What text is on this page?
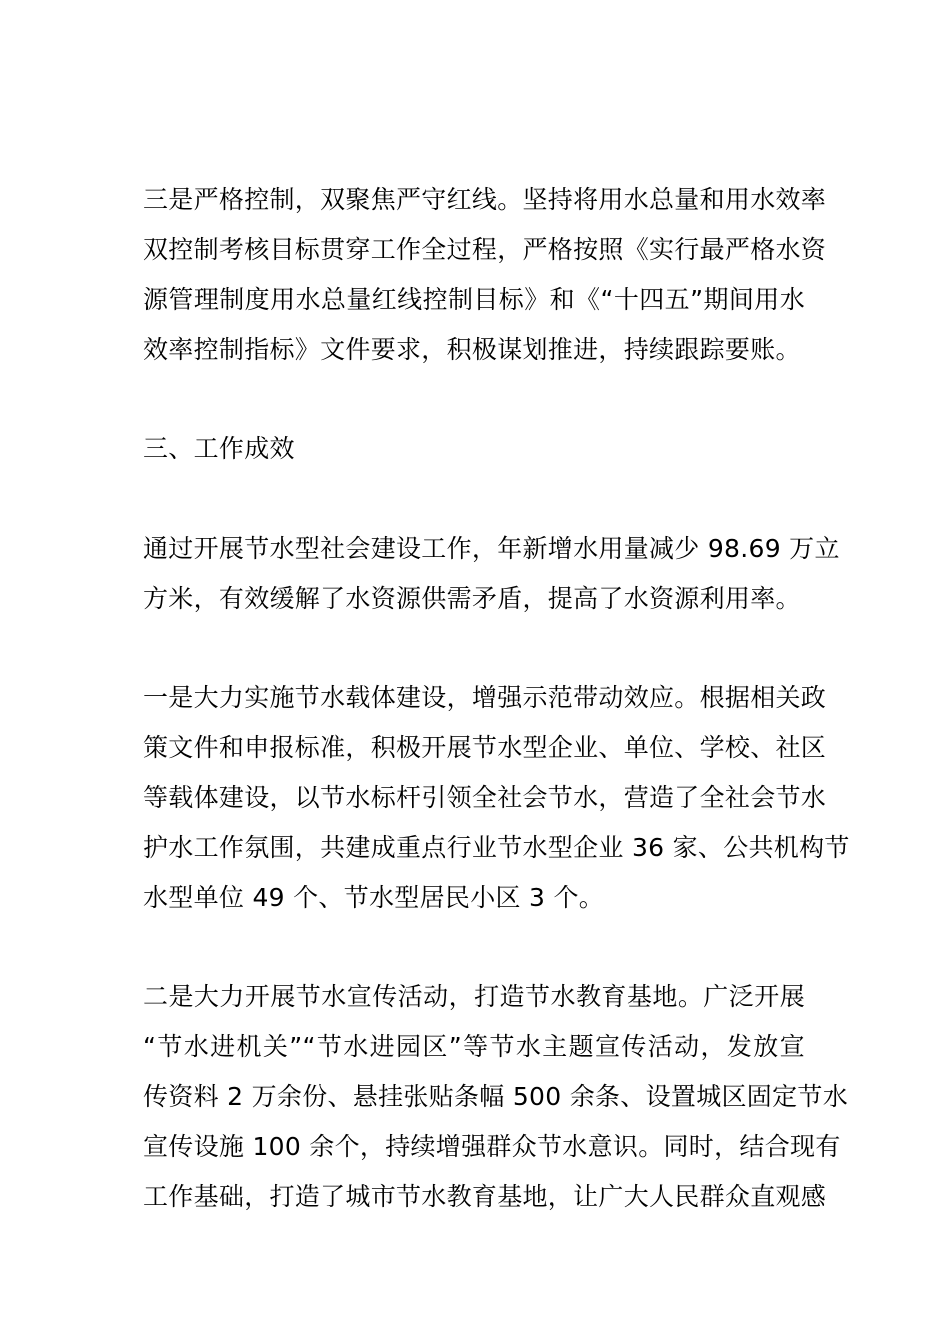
三是严格控制，双聚焦严守红线。坚持将用水总量和用水效率
双控制考核目标贯穿工作全过程，严格按照《实行最严格水资
源管理制度用水总量红线控制目标》和《“十四五”期间用水
效率控制指标》文件要求，积极谋划推进，持续跟踪要账。
三、工作成效
通过开展节水型社会建设工作，年新增水用量减少 98.69 万立
方米，有效缓解了水资源供需矛盾，提高了水资源利用率。
一是大力实施节水载体建设，增强示范带动效应。根据相关政
策文件和申报标准，积极开展节水型企业、单位、学校、社区
等载体建设，以节水标杆引领全社会节水，营造了全社会节水
护水工作氛围，共建成重点行业节水型企业 36 家、公共机构节
水型单位 49 个、节水型居民小区 3 个。
二是大力开展节水宣传活动，打造节水教育基地。广泛开展
“节水进机关”“节水进园区”等节水主题宣传活动，发放宣
传资料 2 万余份、悬挂张贴条幅 500 余条、设置城区固定节水
宣传设施 100 余个，持续增强群众节水意识。同时，结合现有
工作基础，打造了城市节水教育基地，让广大人民群众直观感
